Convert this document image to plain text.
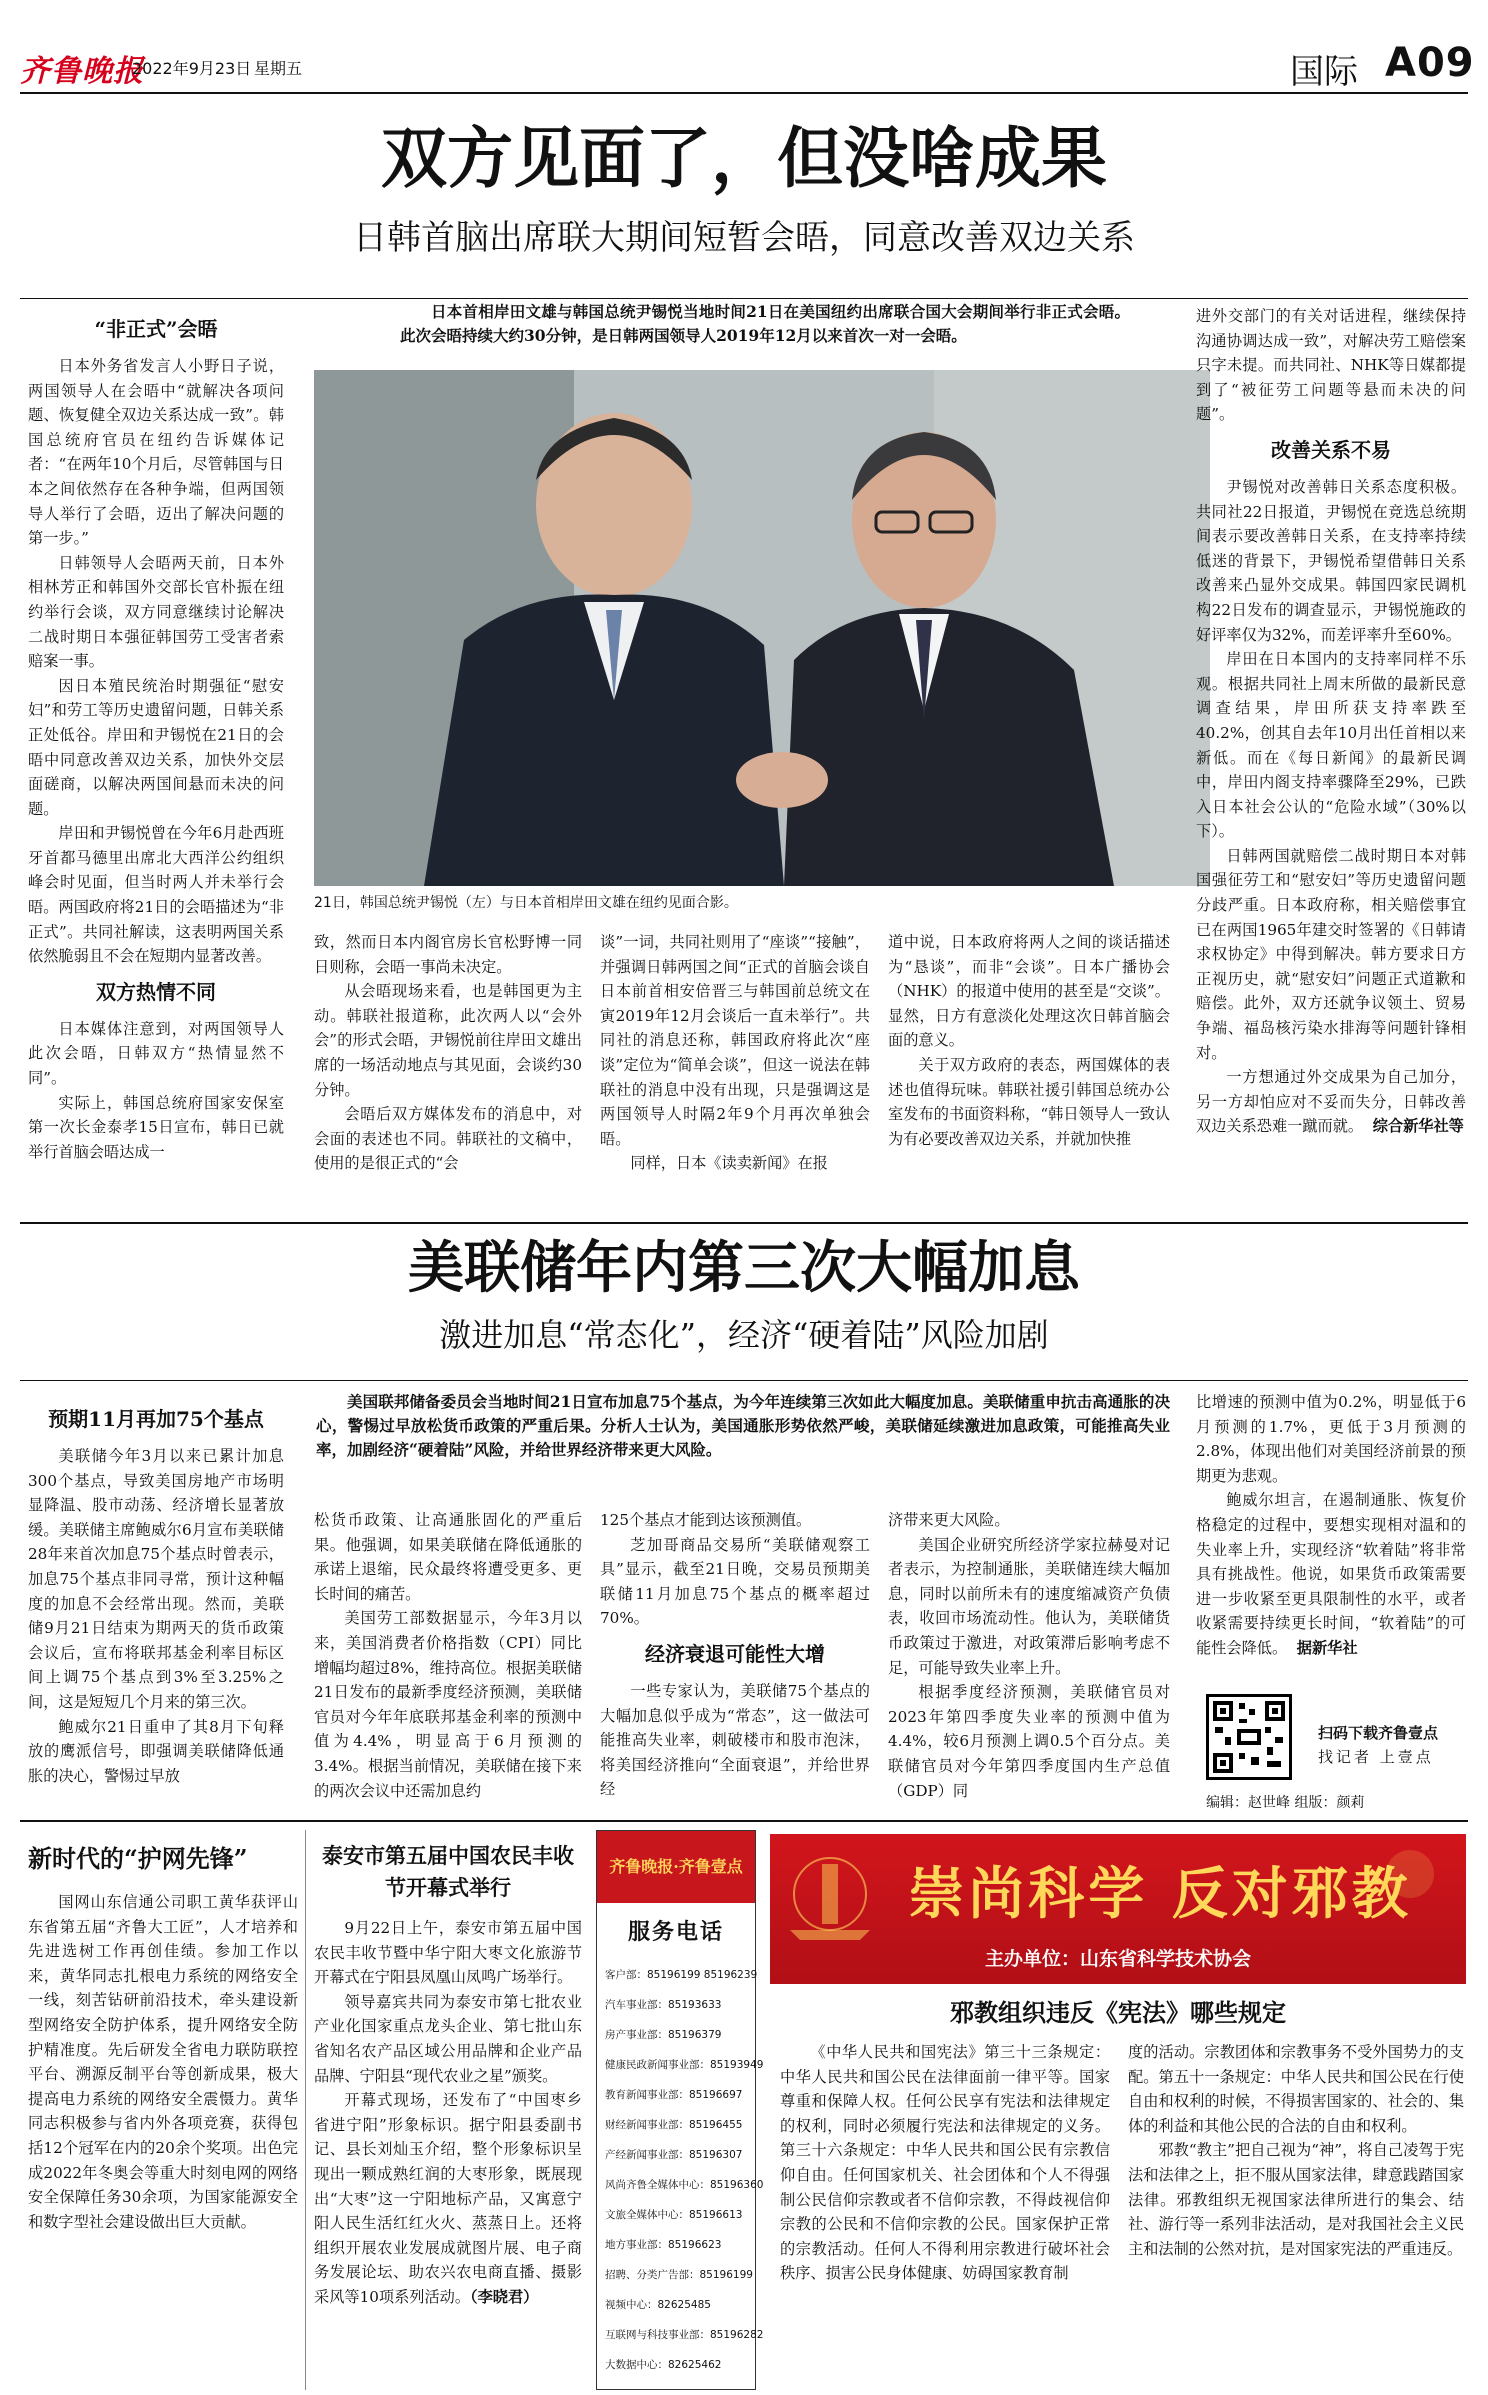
齐鲁晚报
2022年9月23日 星期五	国际 A09
双方见面了，但没啥成果
日韩首脑出席联大期间短暂会晤，同意改善双边关系
“非正式”会晤

日本外务省发言人小野日子说，两国领导人在会晤中“就解决各项问题、恢复健全双边关系达成一致”。韩国总统府官员在纽约告诉媒体记者：“在两年10个月后，尽管韩国与日本之间依然存在各种争端，但两国领导人举行了会晤，迈出了解决问题的第一步。”

日韩领导人会晤两天前，日本外相林芳正和韩国外交部长官朴振在纽约举行会谈，双方同意继续讨论解决二战时期日本强征韩国劳工受害者索赔案一事。

因日本殖民统治时期强征“慰安妇”和劳工等历史遗留问题，日韩关系正处低谷。岸田和尹锡悦在21日的会晤中同意改善双边关系，加快外交层面磋商，以解决两国间悬而未决的问题。

岸田和尹锡悦曾在今年6月赴西班牙首都马德里出席北大西洋公约组织峰会时见面，但当时两人并未举行会晤。两国政府将21日的会晤描述为“非正式”。共同社解读，这表明两国关系依然脆弱且不会在短期内显著改善。

双方热情不同

日本媒体注意到，对两国领导人此次会晤，日韩双方“热情显然不同”。

实际上，韩国总统府国家安保室第一次长金泰孝15日宣布，韩日已就举行首脑会晤达成一

日本首相岸田文雄与韩国总统尹锡悦当地时间21日在美国纽约出席联合国大会期间举行非正式会晤。此次会晤持续大约30分钟，是日韩两国领导人2019年12月以来首次一对一会晤。
21日，韩国总统尹锡悦（左）与日本首相岸田文雄在纽约见面合影。

致，然而日本内阁官房长官松野博一同日则称，会晤一事尚未决定。

从会晤现场来看，也是韩国更为主动。韩联社报道称，此次两人以“会外会”的形式会晤，尹锡悦前往岸田文雄出席的一场活动地点与其见面，会谈约30分钟。

会晤后双方媒体发布的消息中，对会面的表述也不同。韩联社的文稿中，使用的是很正式的“会

谈”一词，共同社则用了“座谈”“接触”，并强调日韩两国之间“正式的首脑会谈自日本前首相安倍晋三与韩国前总统文在寅2019年12月会谈后一直未举行”。共同社的消息还称，韩国政府将此次“座谈”定位为“简单会谈”，但这一说法在韩联社的消息中没有出现，只是强调这是两国领导人时隔2年9个月再次单独会晤。

同样，日本《读卖新闻》在报

道中说，日本政府将两人之间的谈话描述为“恳谈”，而非“会谈”。日本广播协会（NHK）的报道中使用的甚至是“交谈”。显然，日方有意淡化处理这次日韩首脑会面的意义。

关于双方政府的表态，两国媒体的表述也值得玩味。韩联社援引韩国总统办公室发布的书面资料称，“韩日领导人一致认为有必要改善双边关系，并就加快推

进外交部门的有关对话进程，继续保持沟通协调达成一致”，对解决劳工赔偿案只字未提。而共同社、NHK等日媒都提到了“被征劳工问题等悬而未决的问题”。

改善关系不易

尹锡悦对改善韩日关系态度积极。共同社22日报道，尹锡悦在竞选总统期间表示要改善韩日关系，在支持率持续低迷的背景下，尹锡悦希望借韩日关系改善来凸显外交成果。韩国四家民调机构22日发布的调查显示，尹锡悦施政的好评率仅为32%，而差评率升至60%。

岸田在日本国内的支持率同样不乐观。根据共同社上周末所做的最新民意调查结果，岸田所获支持率跌至40.2%，创其自去年10月出任首相以来新低。而在《每日新闻》的最新民调中，岸田内阁支持率骤降至29%，已跌入日本社会公认的“危险水域”（30%以下）。

日韩两国就赔偿二战时期日本对韩国强征劳工和“慰安妇”等历史遗留问题分歧严重。日本政府称，相关赔偿事宜已在两国1965年建交时签署的《日韩请求权协定》中得到解决。韩方要求日方正视历史，就“慰安妇”问题正式道歉和赔偿。此外，双方还就争议领土、贸易争端、福岛核污染水排海等问题针锋相对。

一方想通过外交成果为自己加分，另一方却怕应对不妥而失分，日韩改善双边关系恐难一蹴而就。 综合新华社等

美联储年内第三次大幅加息
激进加息“常态化”，经济“硬着陆”风险加剧
美国联邦储备委员会当地时间21日宣布加息75个基点，为今年连续第三次如此大幅度加息。美联储重申抗击高通胀的决心，警惕过早放松货币政策的严重后果。分析人士认为，美国通胀形势依然严峻，美联储延续激进加息政策，可能推高失业率，加剧经济“硬着陆”风险，并给世界经济带来更大风险。
预期11月再加75个基点

美联储今年3月以来已累计加息300个基点，导致美国房地产市场明显降温、股市动荡、经济增长显著放缓。美联储主席鲍威尔6月宣布美联储28年来首次加息75个基点时曾表示，加息75个基点非同寻常，预计这种幅度的加息不会经常出现。然而，美联储9月21日结束为期两天的货币政策会议后，宣布将联邦基金利率目标区间上调75个基点到3%至3.25%之间，这是短短几个月来的第三次。

鲍威尔21日重申了其8月下旬释放的鹰派信号，即强调美联储降低通胀的决心，警惕过早放

松货币政策、让高通胀固化的严重后果。他强调，如果美联储在降低通胀的承诺上退缩，民众最终将遭受更多、更长时间的痛苦。

美国劳工部数据显示，今年3月以来，美国消费者价格指数（CPI）同比增幅均超过8%，维持高位。根据美联储21日发布的最新季度经济预测，美联储官员对今年年底联邦基金利率的预测中值为4.4%，明显高于6月预测的3.4%。根据当前情况，美联储在接下来的两次会议中还需加息约

125个基点才能到达该预测值。

芝加哥商品交易所“美联储观察工具”显示，截至21日晚，交易员预期美联储11月加息75个基点的概率超过70%。

经济衰退可能性大增

一些专家认为，美联储75个基点的大幅加息似乎成为“常态”，这一做法可能推高失业率，刺破楼市和股市泡沫，将美国经济推向“全面衰退”，并给世界经

济带来更大风险。

美国企业研究所经济学家拉赫曼对记者表示，为控制通胀，美联储连续大幅加息，同时以前所未有的速度缩减资产负债表，收回市场流动性。他认为，美联储货币政策过于激进，对政策滞后影响考虑不足，可能导致失业率上升。

根据季度经济预测，美联储官员对2023年第四季度失业率的预测中值为4.4%，较6月预测上调0.5个百分点。美联储官员对今年第四季度国内生产总值（GDP）同

比增速的预测中值为0.2%，明显低于6月预测的1.7%，更低于3月预测的2.8%，体现出他们对美国经济前景的预期更为悲观。

鲍威尔坦言，在遏制通胀、恢复价格稳定的过程中，要想实现相对温和的失业率上升，实现经济“软着陆”将非常具有挑战性。他说，如果货币政策需要进一步收紧至更具限制性的水平，或者收紧需要持续更长时间，“软着陆”的可能性会降低。 据新华社

扫码下载齐鲁壹点
找记者 上壹点
编辑：赵世峰 组版：颜莉
新时代的“护网先锋”

国网山东信通公司职工黄华获评山东省第五届“齐鲁大工匠”，人才培养和先进选树工作再创佳绩。参加工作以来，黄华同志扎根电力系统的网络安全一线，刻苦钻研前沿技术，牵头建设新型网络安全防护体系，提升网络安全防护精准度。先后研发全省电力联防联控平台、溯源反制平台等创新成果，极大提高电力系统的网络安全震慑力。黄华同志积极参与省内外各项竞赛，获得包括12个冠军在内的20余个奖项。出色完成2022年冬奥会等重大时刻电网的网络安全保障任务30余项，为国家能源安全和数字型社会建设做出巨大贡献。

泰安市第五届中国农民丰收节开幕式举行

9月22日上午，泰安市第五届中国农民丰收节暨中华宁阳大枣文化旅游节开幕式在宁阳县凤凰山凤鸣广场举行。

领导嘉宾共同为泰安市第七批农业产业化国家重点龙头企业、第七批山东省知名农产品区域公用品牌和企业产品品牌、宁阳县“现代农业之星”颁奖。

开幕式现场，还发布了“中国枣乡 省进宁阳”形象标识。据宁阳县委副书记、县长刘灿玉介绍，整个形象标识呈现出一颗成熟红润的大枣形象，既展现出“大枣”这一宁阳地标产品，又寓意宁阳人民生活红红火火、蒸蒸日上。还将组织开展农业发展成就图片展、电子商务发展论坛、助农兴农电商直播、摄影采风等10项系列活动。（李晓君）

齐鲁晚报·齐鲁壹点
服务电话
客户部：85196199 85196239
汽车事业部：85193633
房产事业部：85196379
健康民政新闻事业部：85193949
教育新闻事业部：85196697
财经新闻事业部：85196455
产经新闻事业部：85196307
风尚齐鲁全媒体中心：85196360
文旅全媒体中心：85196613
地方事业部：85196623
招聘、分类广告部：85196199
视频中心：82625485
互联网与科技事业部：85196282
大数据中心：82625462
崇尚科学 反对邪教
主办单位：山东省科学技术协会
邪教组织违反《宪法》哪些规定

《中华人民共和国宪法》第三十三条规定：中华人民共和国公民在法律面前一律平等。国家尊重和保障人权。任何公民享有宪法和法律规定的权利，同时必须履行宪法和法律规定的义务。第三十六条规定：中华人民共和国公民有宗教信仰自由。任何国家机关、社会团体和个人不得强制公民信仰宗教或者不信仰宗教，不得歧视信仰宗教的公民和不信仰宗教的公民。国家保护正常的宗教活动。任何人不得利用宗教进行破坏社会秩序、损害公民身体健康、妨碍国家教育制

度的活动。宗教团体和宗教事务不受外国势力的支配。第五十一条规定：中华人民共和国公民在行使自由和权利的时候，不得损害国家的、社会的、集体的利益和其他公民的合法的自由和权利。

邪教“教主”把自己视为“神”，将自己凌驾于宪法和法律之上，拒不服从国家法律，肆意践踏国家法律。邪教组织无视国家法律所进行的集会、结社、游行等一系列非法活动，是对我国社会主义民主和法制的公然对抗，是对国家宪法的严重违反。
